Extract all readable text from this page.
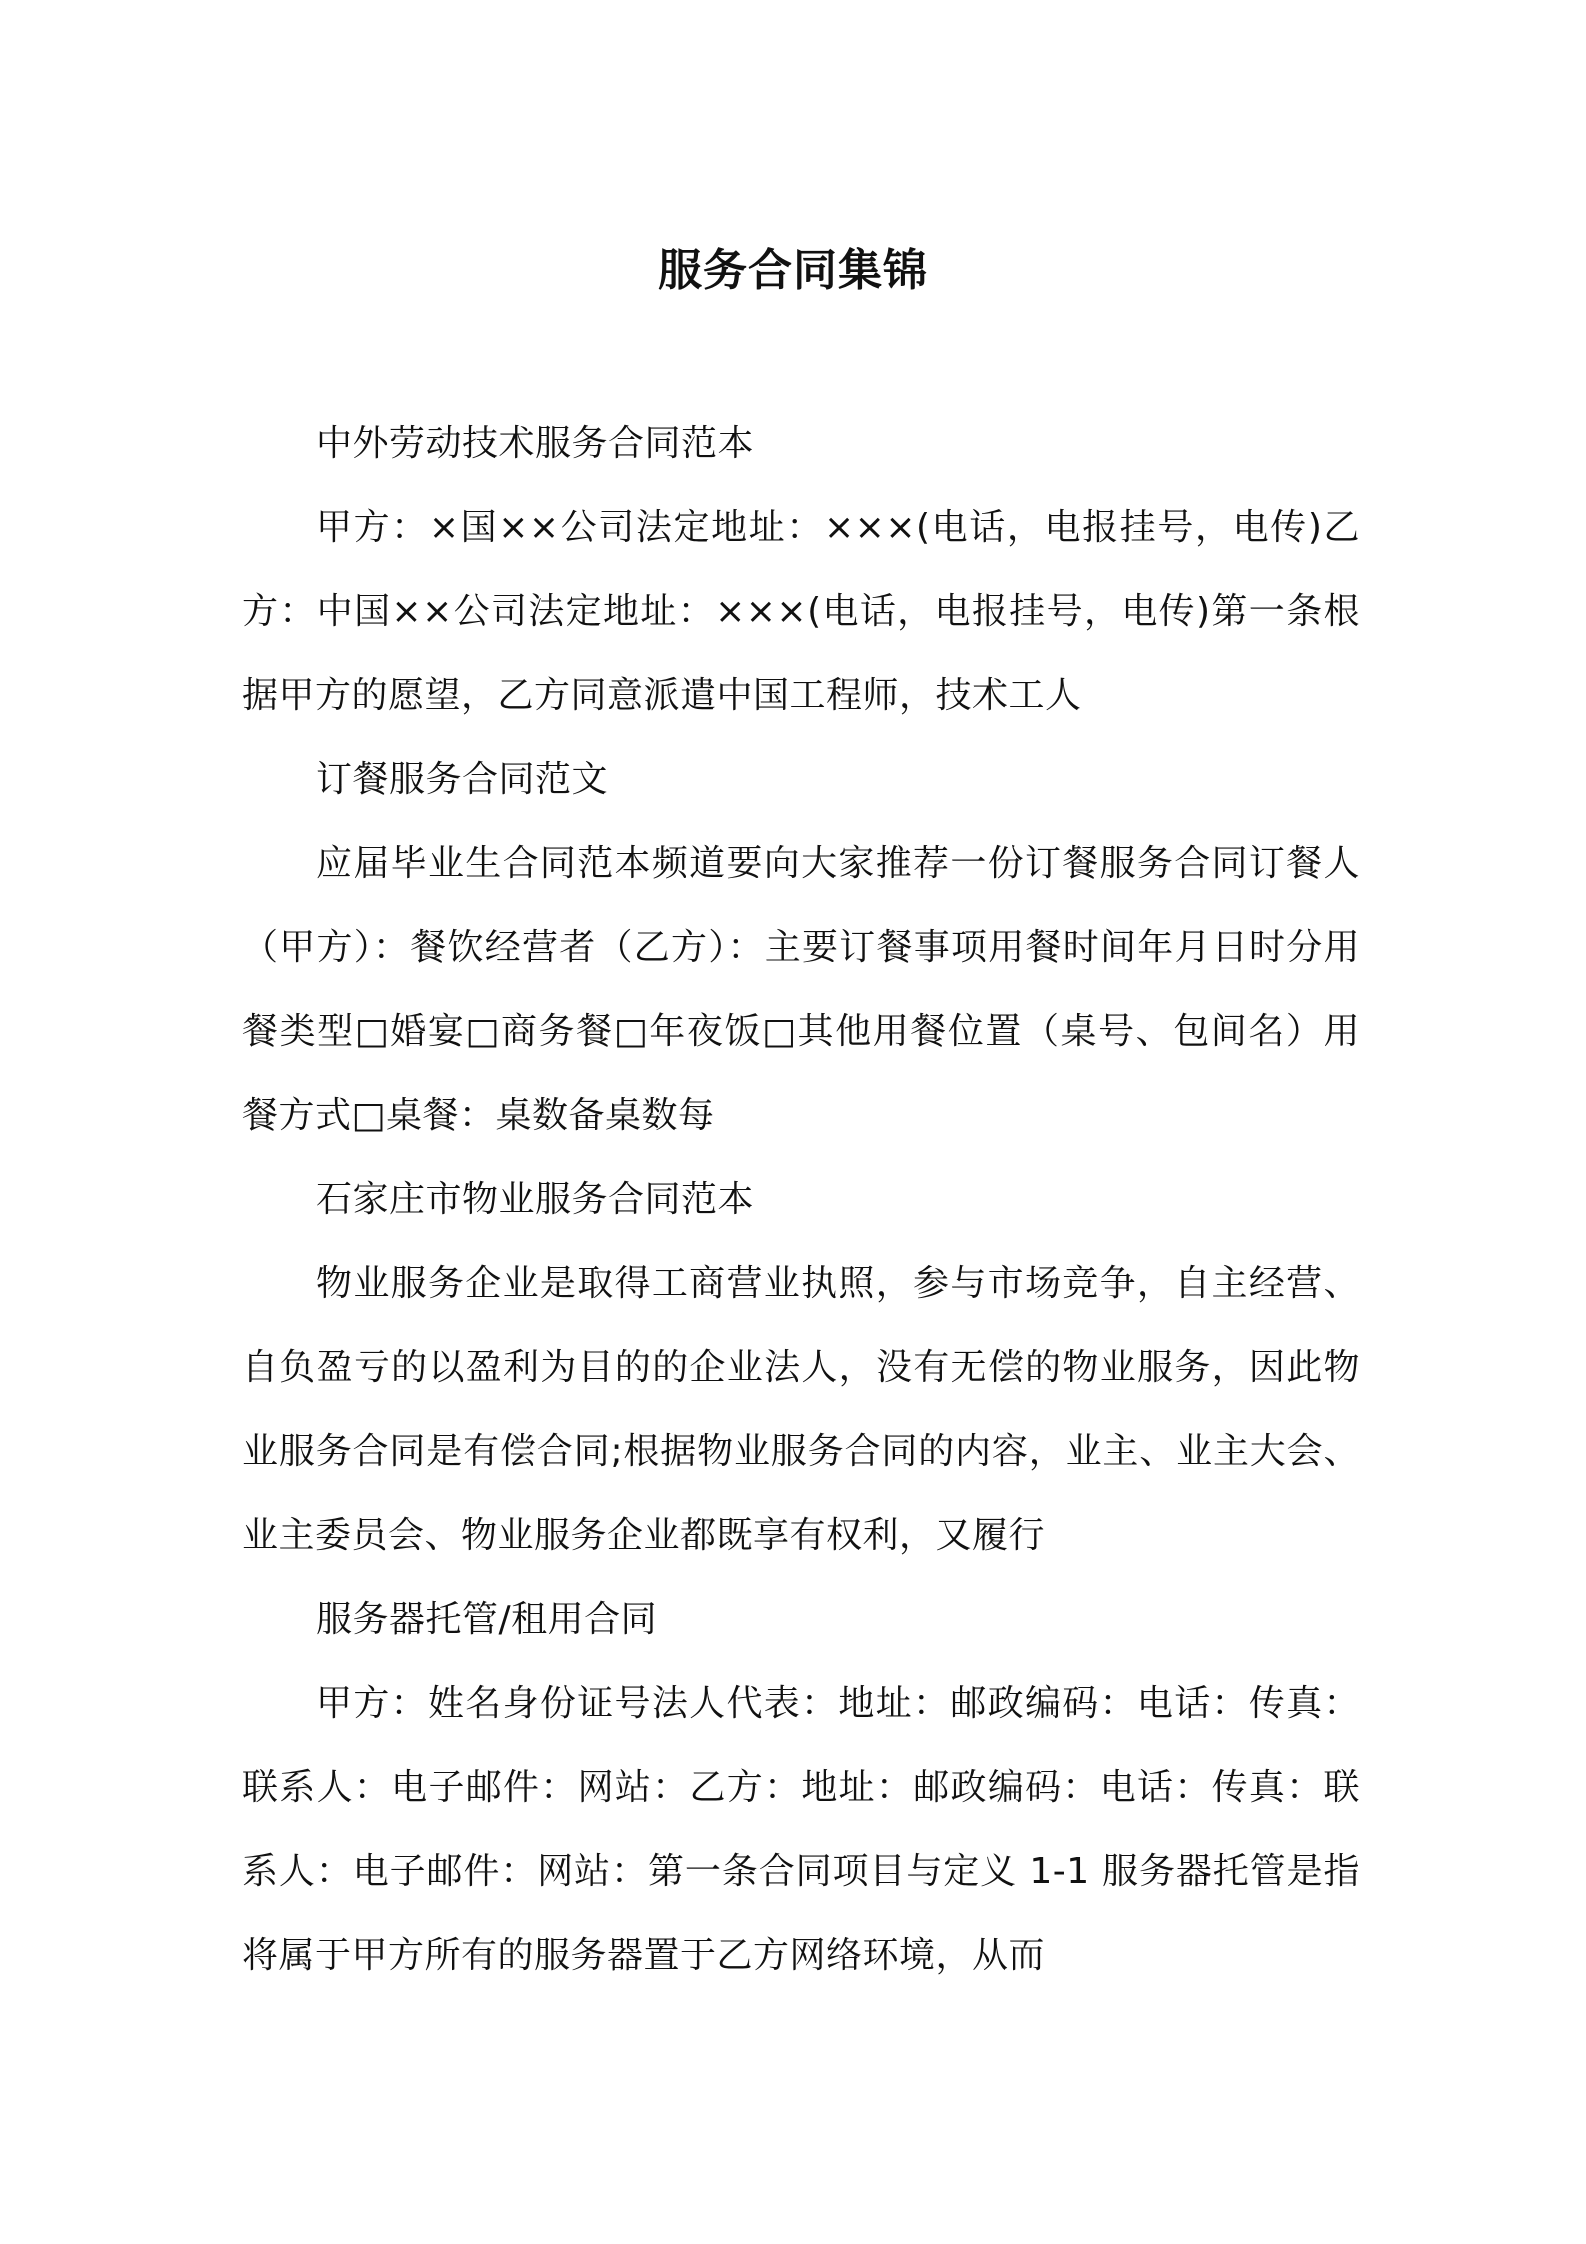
服务合同集锦

中外劳动技术服务合同范本

甲方：×国××公司法定地址：×××(电话，电报挂号，电传)乙方：中国××公司法定地址：×××(电话，电报挂号，电传)第一条根据甲方的愿望，乙方同意派遣中国工程师，技术工人

订餐服务合同范文

应届毕业生合同范本频道要向大家推荐一份订餐服务合同订餐人（甲方）：餐饮经营者（乙方）：主要订餐事项用餐时间年月日时分用餐类型□婚宴□商务餐□年夜饭□其他用餐位置（桌号、包间名）用餐方式□桌餐：桌数备桌数每

石家庄市物业服务合同范本

物业服务企业是取得工商营业执照，参与市场竞争，自主经营、自负盈亏的以盈利为目的的企业法人，没有无偿的物业服务，因此物业服务合同是有偿合同;根据物业服务合同的内容，业主、业主大会、业主委员会、物业服务企业都既享有权利，又履行

服务器托管/租用合同

甲方：姓名身份证号法人代表：地址：邮政编码：电话：传真：联系人：电子邮件：网站：乙方：地址：邮政编码：电话：传真：联系人：电子邮件：网站：第一条合同项目与定义 1-1 服务器托管是指将属于甲方所有的服务器置于乙方网络环境，从而
